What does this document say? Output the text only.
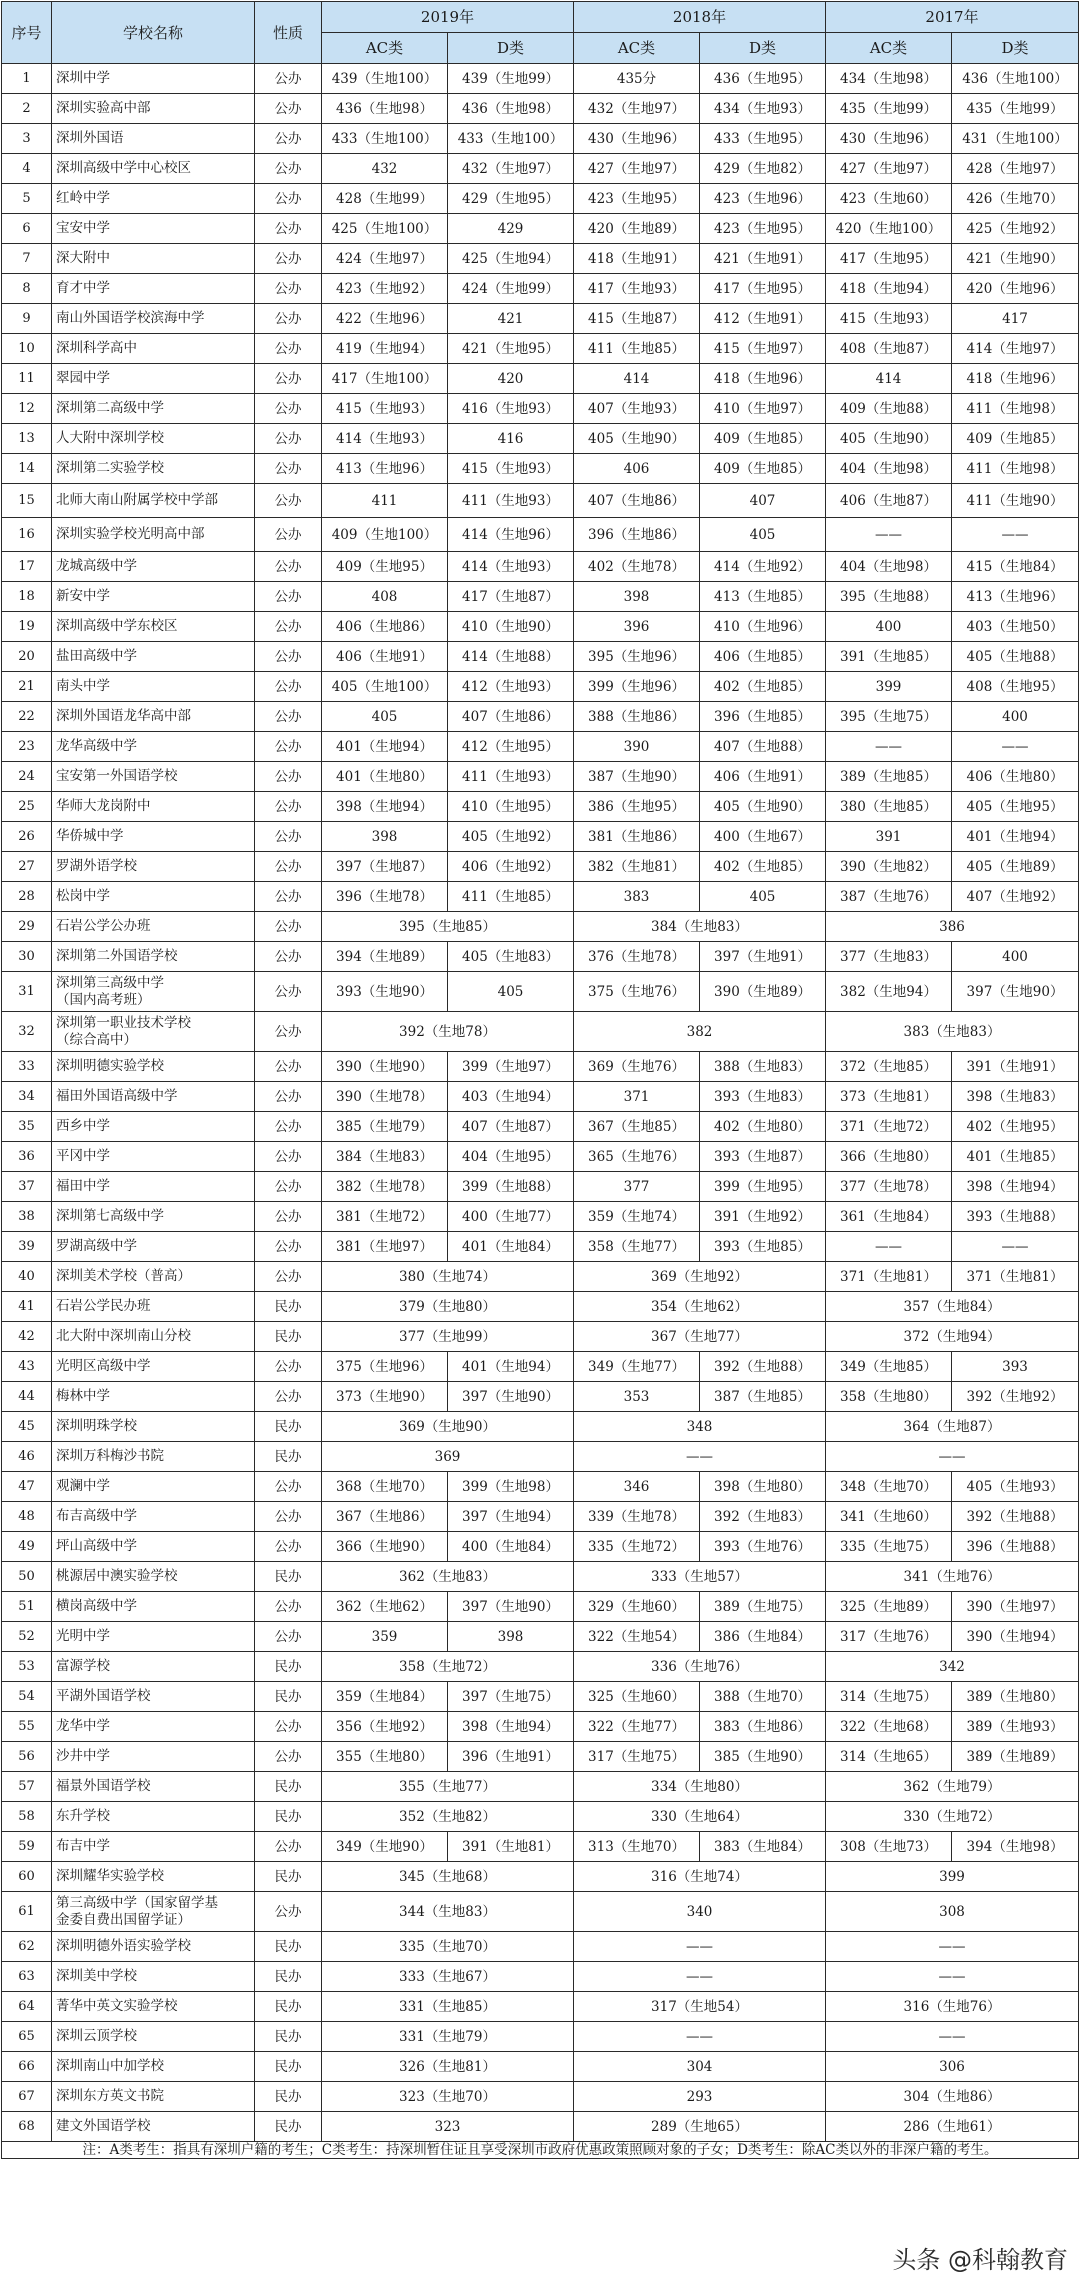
序号	学校名称	性质	2019年		2018年		2017年	
			AC类	D类	AC类	D类	AC类	D类
1	深圳中学	公办	439（生地100）	439（生地99）	435分	436（生地95）	434（生地98）	436（生地100）
2	深圳实验高中部	公办	436（生地98）	436（生地98）	432（生地97）	434（生地93）	435（生地99）	435（生地99）
3	深圳外国语	公办	433（生地100）	433（生地100）	430（生地96）	433（生地95）	430（生地96）	431（生地100）
4	深圳高级中学中心校区	公办	432	432（生地97）	427（生地97）	429（生地82）	427（生地97）	428（生地97）
5	红岭中学	公办	428（生地99）	429（生地95）	423（生地95）	423（生地96）	423（生地60）	426（生地70）
6	宝安中学	公办	425（生地100）	429	420（生地89）	423（生地95）	420（生地100）	425（生地92）
7	深大附中	公办	424（生地97）	425（生地94）	418（生地91）	421（生地91）	417（生地95）	421（生地90）
8	育才中学	公办	423（生地92）	424（生地99）	417（生地93）	417（生地95）	418（生地94）	420（生地96）
9	南山外国语学校滨海中学	公办	422（生地96）	421	415（生地87）	412（生地91）	415（生地93）	417
10	深圳科学高中	公办	419（生地94）	421（生地95）	411（生地85）	415（生地97）	408（生地87）	414（生地97）
11	翠园中学	公办	417（生地100）	420	414	418（生地96）	414	418（生地96）
12	深圳第二高级中学	公办	415（生地93）	416（生地93）	407（生地93）	410（生地97）	409（生地88）	411（生地98）
13	人大附中深圳学校	公办	414（生地93）	416	405（生地90）	409（生地85）	405（生地90）	409（生地85）
14	深圳第二实验学校	公办	413（生地96）	415（生地93）	406	409（生地85）	404（生地98）	411（生地98）
15	北师大南山附属学校中学部	公办	411	411（生地93）	407（生地86）	407	406（生地87）	411（生地90）
16	深圳实验学校光明高中部	公办	409（生地100）	414（生地96）	396（生地86）	405	——	——
17	龙城高级中学	公办	409（生地95）	414（生地93）	402（生地78）	414（生地92）	404（生地98）	415（生地84）
18	新安中学	公办	408	417（生地87）	398	413（生地85）	395（生地88）	413（生地96）
19	深圳高级中学东校区	公办	406（生地86）	410（生地90）	396	410（生地96）	400	403（生地50）
20	盐田高级中学	公办	406（生地91）	414（生地88）	395（生地96）	406（生地85）	391（生地85）	405（生地88）
21	南头中学	公办	405（生地100）	412（生地93）	399（生地96）	402（生地85）	399	408（生地95）
22	深圳外国语龙华高中部	公办	405	407（生地86）	388（生地86）	396（生地85）	395（生地75）	400
23	龙华高级中学	公办	401（生地94）	412（生地95）	390	407（生地88）	——	——
24	宝安第一外国语学校	公办	401（生地80）	411（生地93）	387（生地90）	406（生地91）	389（生地85）	406（生地80）
25	华师大龙岗附中	公办	398（生地94）	410（生地95）	386（生地95）	405（生地90）	380（生地85）	405（生地95）
26	华侨城中学	公办	398	405（生地92）	381（生地86）	400（生地67）	391	401（生地94）
27	罗湖外语学校	公办	397（生地87）	406（生地92）	382（生地81）	402（生地85）	390（生地82）	405（生地89）
28	松岗中学	公办	396（生地78）	411（生地85）	383	405	387（生地76）	407（生地92）
29	石岩公学公办班	公办	395（生地85）		384（生地83）		386	
30	深圳第二外国语学校	公办	394（生地89）	405（生地83）	376（生地78）	397（生地91）	377（生地83）	400
31	深圳第三高级中学
（国内高考班）	公办	393（生地90）	405	375（生地76）	390（生地89）	382（生地94）	397（生地90）
32	深圳第一职业技术学校
（综合高中）	公办	392（生地78）		382		383（生地83）	
33	深圳明德实验学校	公办	390（生地90）	399（生地97）	369（生地76）	388（生地83）	372（生地85）	391（生地91）
34	福田外国语高级中学	公办	390（生地78）	403（生地94）	371	393（生地83）	373（生地81）	398（生地83）
35	西乡中学	公办	385（生地79）	407（生地87）	367（生地85）	402（生地80）	371（生地72）	402（生地95）
36	平冈中学	公办	384（生地83）	404（生地95）	365（生地76）	393（生地87）	366（生地80）	401（生地85）
37	福田中学	公办	382（生地78）	399（生地88）	377	399（生地95）	377（生地78）	398（生地94）
38	深圳第七高级中学	公办	381（生地72）	400（生地77）	359（生地74）	391（生地92）	361（生地84）	393（生地88）
39	罗湖高级中学	公办	381（生地97）	401（生地84）	358（生地77）	393（生地85）	——	——
40	深圳美术学校（普高）	公办	380（生地74）		369（生地92）		371（生地81）	371（生地81）
41	石岩公学民办班	民办	379（生地80）		354（生地62）		357（生地84）	
42	北大附中深圳南山分校	民办	377（生地99）		367（生地77）		372（生地94）	
43	光明区高级中学	公办	375（生地96）	401（生地94）	349（生地77）	392（生地88）	349（生地85）	393
44	梅林中学	公办	373（生地90）	397（生地90）	353	387（生地85）	358（生地80）	392（生地92）
45	深圳明珠学校	民办	369（生地90）		348		364（生地87）	
46	深圳万科梅沙书院	民办	369		——		——	
47	观澜中学	公办	368（生地70）	399（生地98）	346	398（生地80）	348（生地70）	405（生地93）
48	布吉高级中学	公办	367（生地86）	397（生地94）	339（生地78）	392（生地83）	341（生地60）	392（生地88）
49	坪山高级中学	公办	366（生地90）	400（生地84）	335（生地72）	393（生地76）	335（生地75）	396（生地88）
50	桃源居中澳实验学校	民办	362（生地83）		333（生地57）		341（生地76）	
51	横岗高级中学	公办	362（生地62）	397（生地90）	329（生地60）	389（生地75）	325（生地89）	390（生地97）
52	光明中学	公办	359	398	322（生地54）	386（生地84）	317（生地76）	390（生地94）
53	富源学校	民办	358（生地72）		336（生地76）		342	
54	平湖外国语学校	民办	359（生地84）	397（生地75）	325（生地60）	388（生地70）	314（生地75）	389（生地80）
55	龙华中学	公办	356（生地92）	398（生地94）	322（生地77）	383（生地86）	322（生地68）	389（生地93）
56	沙井中学	公办	355（生地80）	396（生地91）	317（生地75）	385（生地90）	314（生地65）	389（生地89）
57	福景外国语学校	民办	355（生地77）		334（生地80）		362（生地79）	
58	东升学校	民办	352（生地82）		330（生地64）		330（生地72）	
59	布吉中学	公办	349（生地90）	391（生地81）	313（生地70）	383（生地84）	308（生地73）	394（生地98）
60	深圳耀华实验学校	民办	345（生地68）		316（生地74）		399	
61	第三高级中学（国家留学基
金委自费出国留学证）	公办	344（生地83）		340		308	
62	深圳明德外语实验学校	民办	335（生地70）		——		——	
63	深圳美中学校	民办	333（生地67）		——		——	
64	菁华中英文实验学校	民办	331（生地85）		317（生地54）		316（生地76）	
65	深圳云顶学校	民办	331（生地79）		——		——	
66	深圳南山中加学校	民办	326（生地81）		304		306	
67	深圳东方英文书院	民办	323（生地70）		293		304（生地86）	
68	建文外国语学校	民办	323		289（生地65）		286（生地61）	
注：A类考生：指具有深圳户籍的考生；C类考生：持深圳暂住证且享受深圳市政府优惠政策照顾对象的子女；D类考生：除AC类以外的非深户籍的考生。								
头条 @科翰教育
